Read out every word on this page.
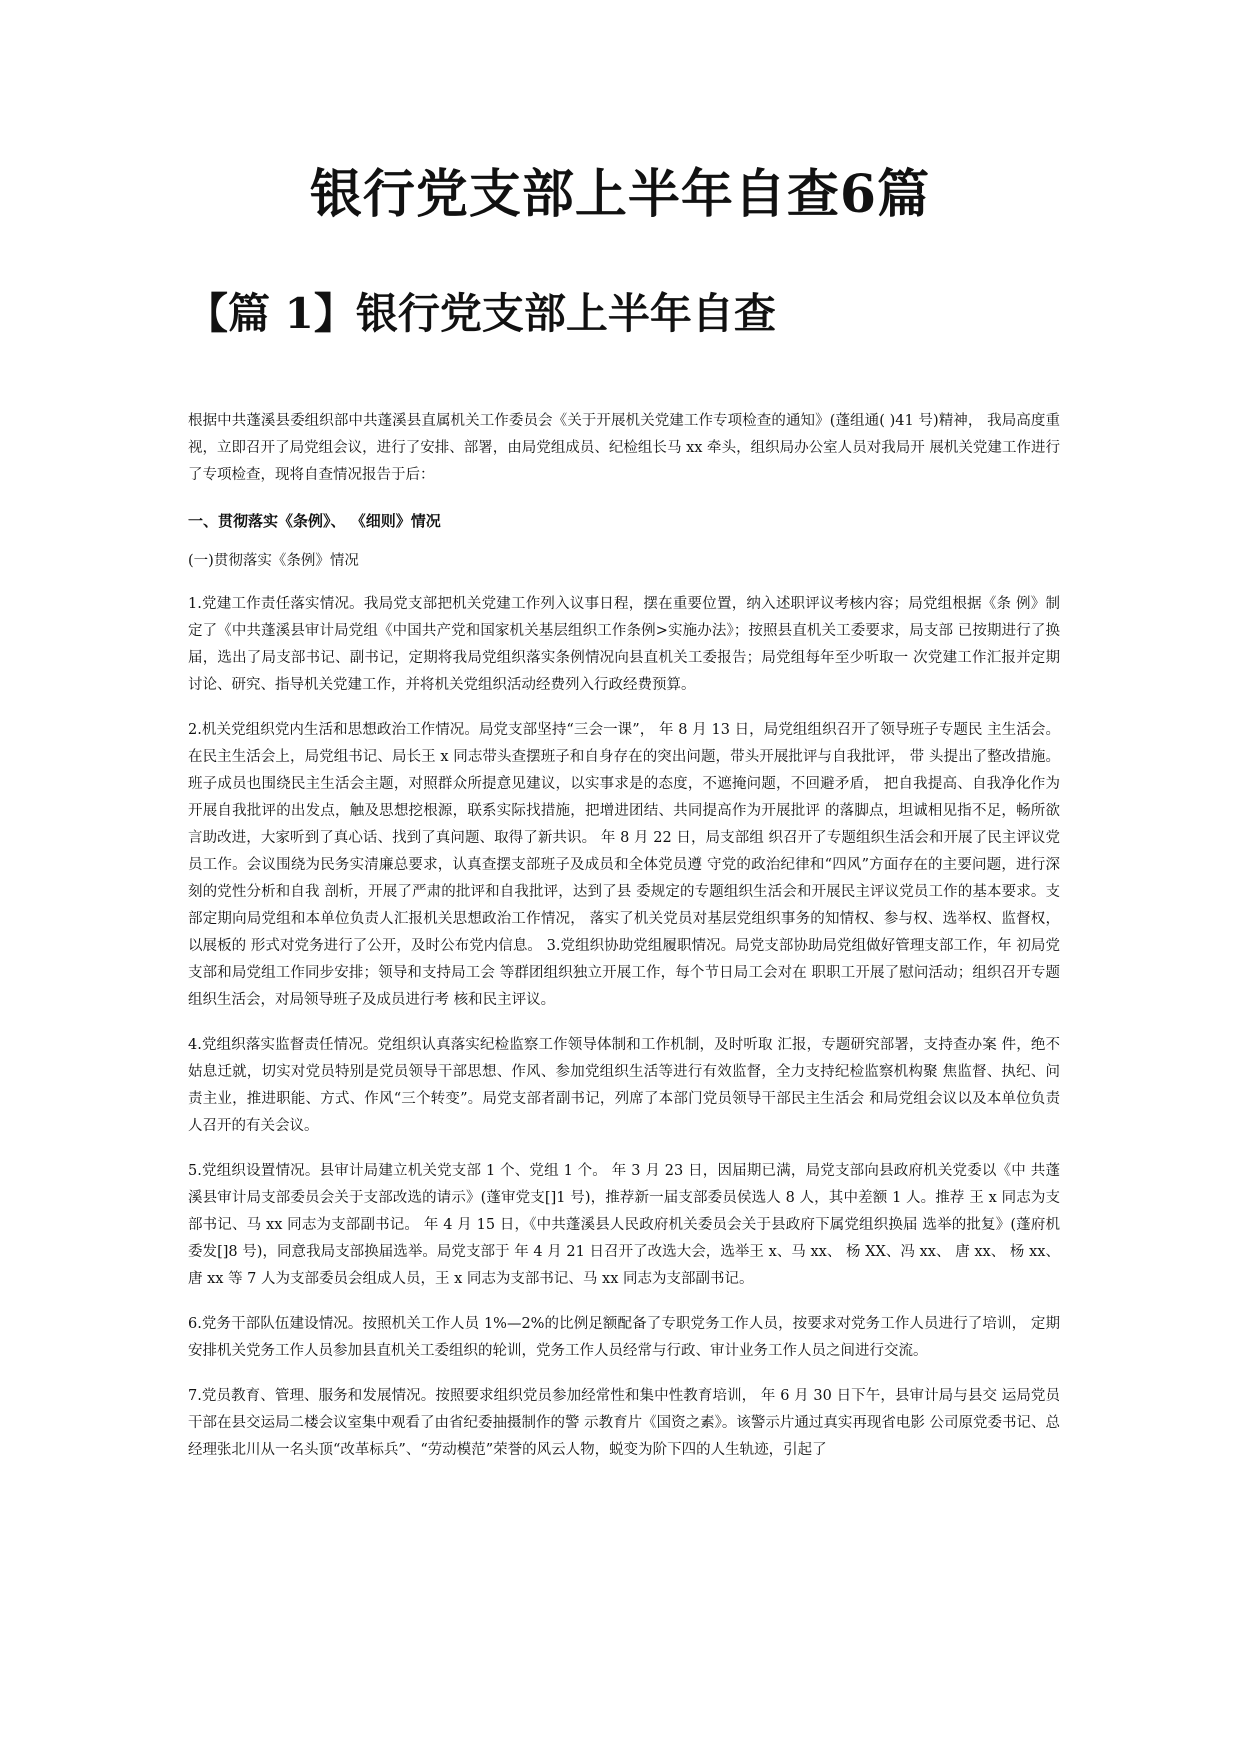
银行党支部上半年自查6篇
【篇 1】银行党支部上半年自查

根据中共蓬溪县委组织部中共蓬溪县直属机关工作委员会《关于开展机关党建工作专项检查的通知》(蓬组通( )41 号)精神， 我局高度重视，立即召开了局党组会议，进行了安排、部署，由局党组成员、纪检组长马 xx 牵头，组织局办公室人员对我局开 展机关党建工作进行了专项检查，现将自查情况报告于后：

一、贯彻落实《条例》、 《细则》情况

(一)贯彻落实《条例》情况

1.党建工作责任落实情况。我局党支部把机关党建工作列入议事日程，摆在重要位置，纳入述职评议考核内容；局党组根据《条 例》制定了《中共蓬溪县审计局党组《中国共产党和国家机关基层组织工作条例>实施办法》；按照县直机关工委要求，局支部 已按期进行了换届，选出了局支部书记、副书记，定期将我局党组织落实条例情况向县直机关工委报告；局党组每年至少听取一 次党建工作汇报并定期讨论、研究、指导机关党建工作，并将机关党组织活动经费列入行政经费预算。

2.机关党组织党内生活和思想政治工作情况。局党支部坚持“三会一课”， 年 8 月 13 日，局党组组织召开了领导班子专题民 主生活会。在民主生活会上，局党组书记、局长王 x 同志带头查摆班子和自身存在的突出问题，带头开展批评与自我批评， 带 头提出了整改措施。班子成员也围绕民主生活会主题，对照群众所提意见建议，以实事求是的态度，不遮掩问题，不回避矛盾， 把自我提高、自我净化作为开展自我批评的出发点，触及思想挖根源，联系实际找措施，把增进团结、共同提高作为开展批评 的落脚点，坦诚相见指不足，畅所欲言助改进，大家听到了真心话、找到了真问题、取得了新共识。 年 8 月 22 日，局支部组 织召开了专题组织生活会和开展了民主评议党员工作。会议围绕为民务实清廉总要求，认真查摆支部班子及成员和全体党员遵 守党的政治纪律和“四风”方面存在的主要问题，进行深刻的党性分析和自我 剖析，开展了严肃的批评和自我批评，达到了县 委规定的专题组织生活会和开展民主评议党员工作的基本要求。支部定期向局党组和本单位负责人汇报机关思想政治工作情况， 落实了机关党员对基层党组织事务的知情权、参与权、选举权、监督权，以展板的 形式对党务进行了公开，及时公布党内信息。 3.党组织协助党组履职情况。局党支部协助局党组做好管理支部工作，年 初局党支部和局党组工作同步安排；领导和支持局工会 等群团组织独立开展工作，每个节日局工会对在 职职工开展了慰问活动；组织召开专题组织生活会，对局领导班子及成员进行考 核和民主评议。

4.党组织落实监督责任情况。党组织认真落实纪检监察工作领导体制和工作机制，及时听取 汇报，专题研究部署，支持查办案 件，绝不姑息迁就，切实对党员特别是党员领导干部思想、作风、参加党组织生活等进行有效监督，全力支持纪检监察机构聚 焦监督、执纪、问责主业，推进职能、方式、作风“三个转变”。局党支部者副书记，列席了本部门党员领导干部民主生活会 和局党组会议以及本单位负责人召开的有关会议。

5.党组织设置情况。县审计局建立机关党支部 1 个、党组 1 个。 年 3 月 23 日，因届期已满，局党支部向县政府机关党委以《中 共蓬溪县审计局支部委员会关于支部改选的请示》(蓬审党支[]1 号)，推荐新一届支部委员侯选人 8 人，其中差额 1 人。推荐 王 x 同志为支部书记、马 xx 同志为支部副书记。 年 4 月 15 日，《中共蓬溪县人民政府机关委员会关于县政府下属党组织换届 选举的批复》(蓬府机委发[]8 号)，同意我局支部换届选举。局党支部于 年 4 月 21 日召开了改选大会，选举王 x、马 xx、 杨 XX、冯 xx、 唐 xx、 杨 xx、 唐 xx 等 7 人为支部委员会组成人员，王 x 同志为支部书记、马 xx 同志为支部副书记。

6.党务干部队伍建设情况。按照机关工作人员 1%—2%的比例足额配备了专职党务工作人员，按要求对党务工作人员进行了培训， 定期安排机关党务工作人员参加县直机关工委组织的轮训，党务工作人员经常与行政、审计业务工作人员之间进行交流。

7.党员教育、管理、服务和发展情况。按照要求组织党员参加经常性和集中性教育培训， 年 6 月 30 日下午，县审计局与县交 运局党员干部在县交运局二楼会议室集中观看了由省纪委抽摄制作的警 示教育片《国资之素》。该警示片通过真实再现省电影 公司原党委书记、总经理张北川从一名头顶“改革标兵”、“劳动模范”荣誉的风云人物，蜕变为阶下四的人生轨迹，引起了
